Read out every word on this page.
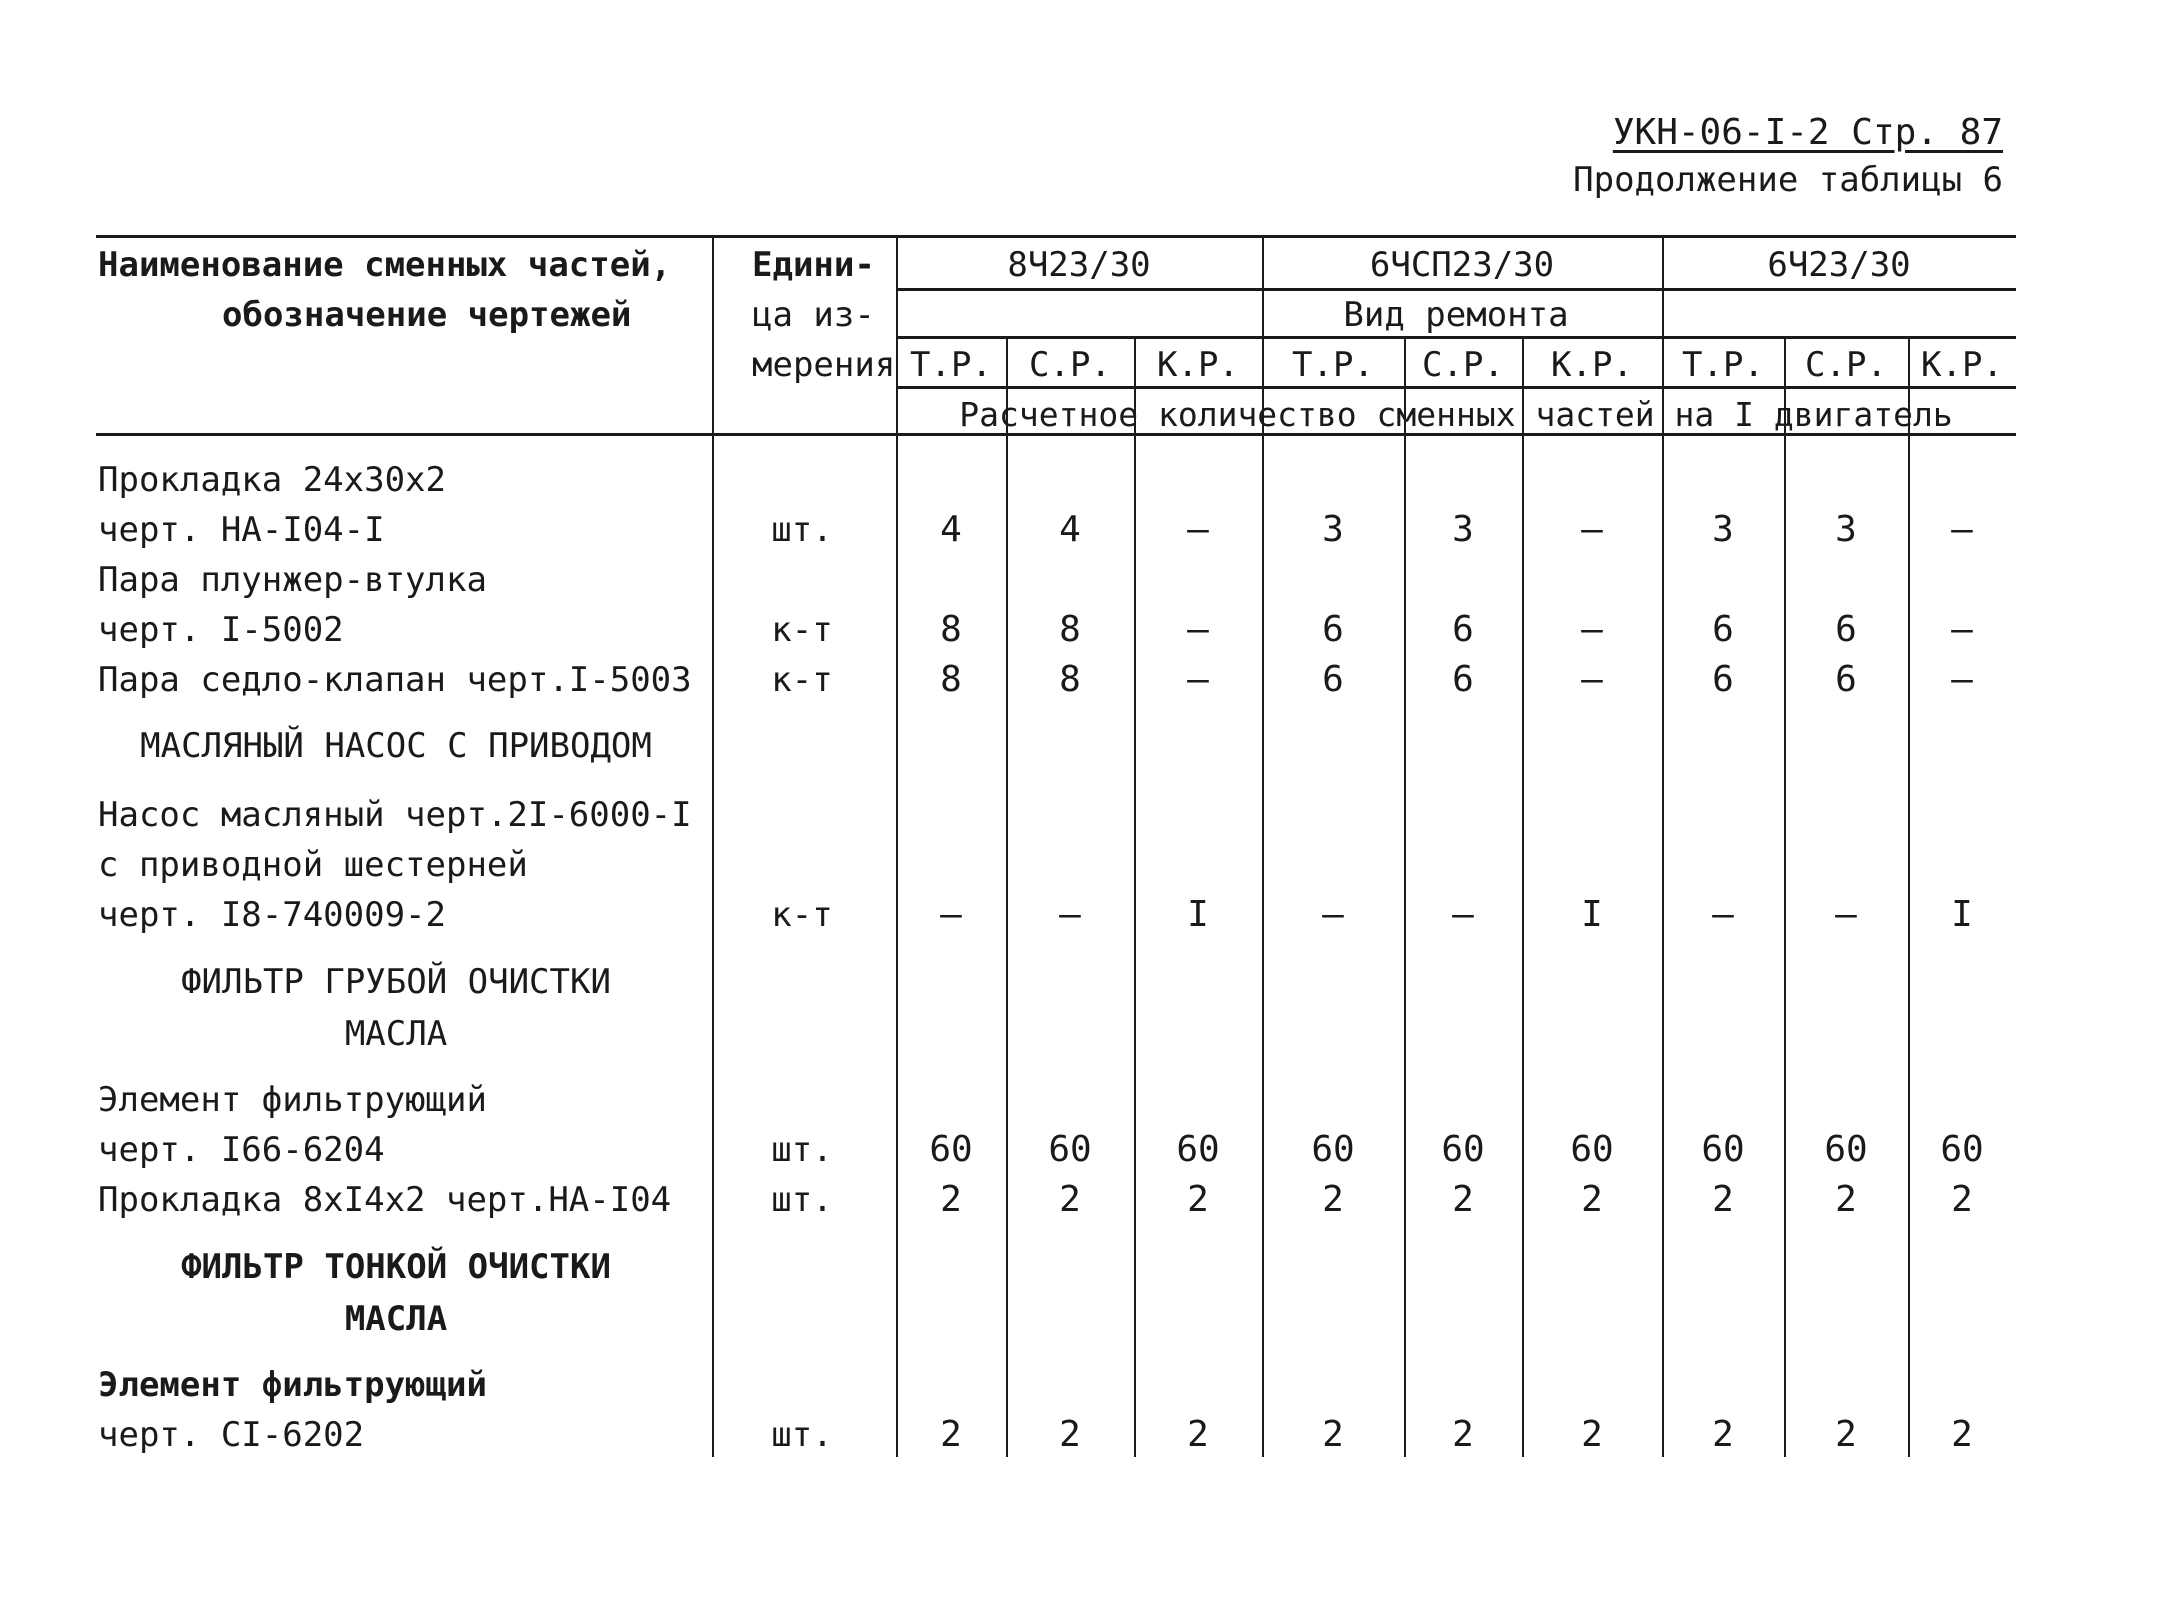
УКН-06-I-2 Стр. 87
Продолжение таблицы 6
Наименование сменных частей,
обозначение чертежей
Едини-
ца из-
мерения
8Ч23/30	6ЧСП23/30	6Ч23/30
Вид ремонта
Т.Р.	С.Р.	К.Р.	Т.Р.	С.Р.	К.Р.	Т.Р.	С.Р.	К.Р.
Расчетное количество сменных частей на I двигатель
Прокладка 24х30х2
черт. НА-I04-I	шт.	4	4	–	3	3	–	3	3	–
Пара плунжер-втулка
черт. I-5002	к-т	8	8	–	6	6	–	6	6	–
Пара седло-клапан черт.I-5003	к-т	8	8	–	6	6	–	6	6	–
МАСЛЯНЫЙ НАСОС С ПРИВОДОМ
Насос масляный черт.2I-6000-I
с приводной шестерней
черт. I8-740009-2	к-т	–	–	I	–	–	I	–	–	I
ФИЛЬТР ГРУБОЙ ОЧИСТКИ
МАСЛА
Элемент фильтрующий
черт. I66-6204	шт.	60	60	60	60	60	60	60	60	60
Прокладка 8хI4х2 черт.НА-I04	шт.	2	2	2	2	2	2	2	2	2
ФИЛЬТР ТОНКОЙ ОЧИСТКИ
МАСЛА
Элемент фильтрующий
черт. CI-6202	шт.	2	2	2	2	2	2	2	2	2
